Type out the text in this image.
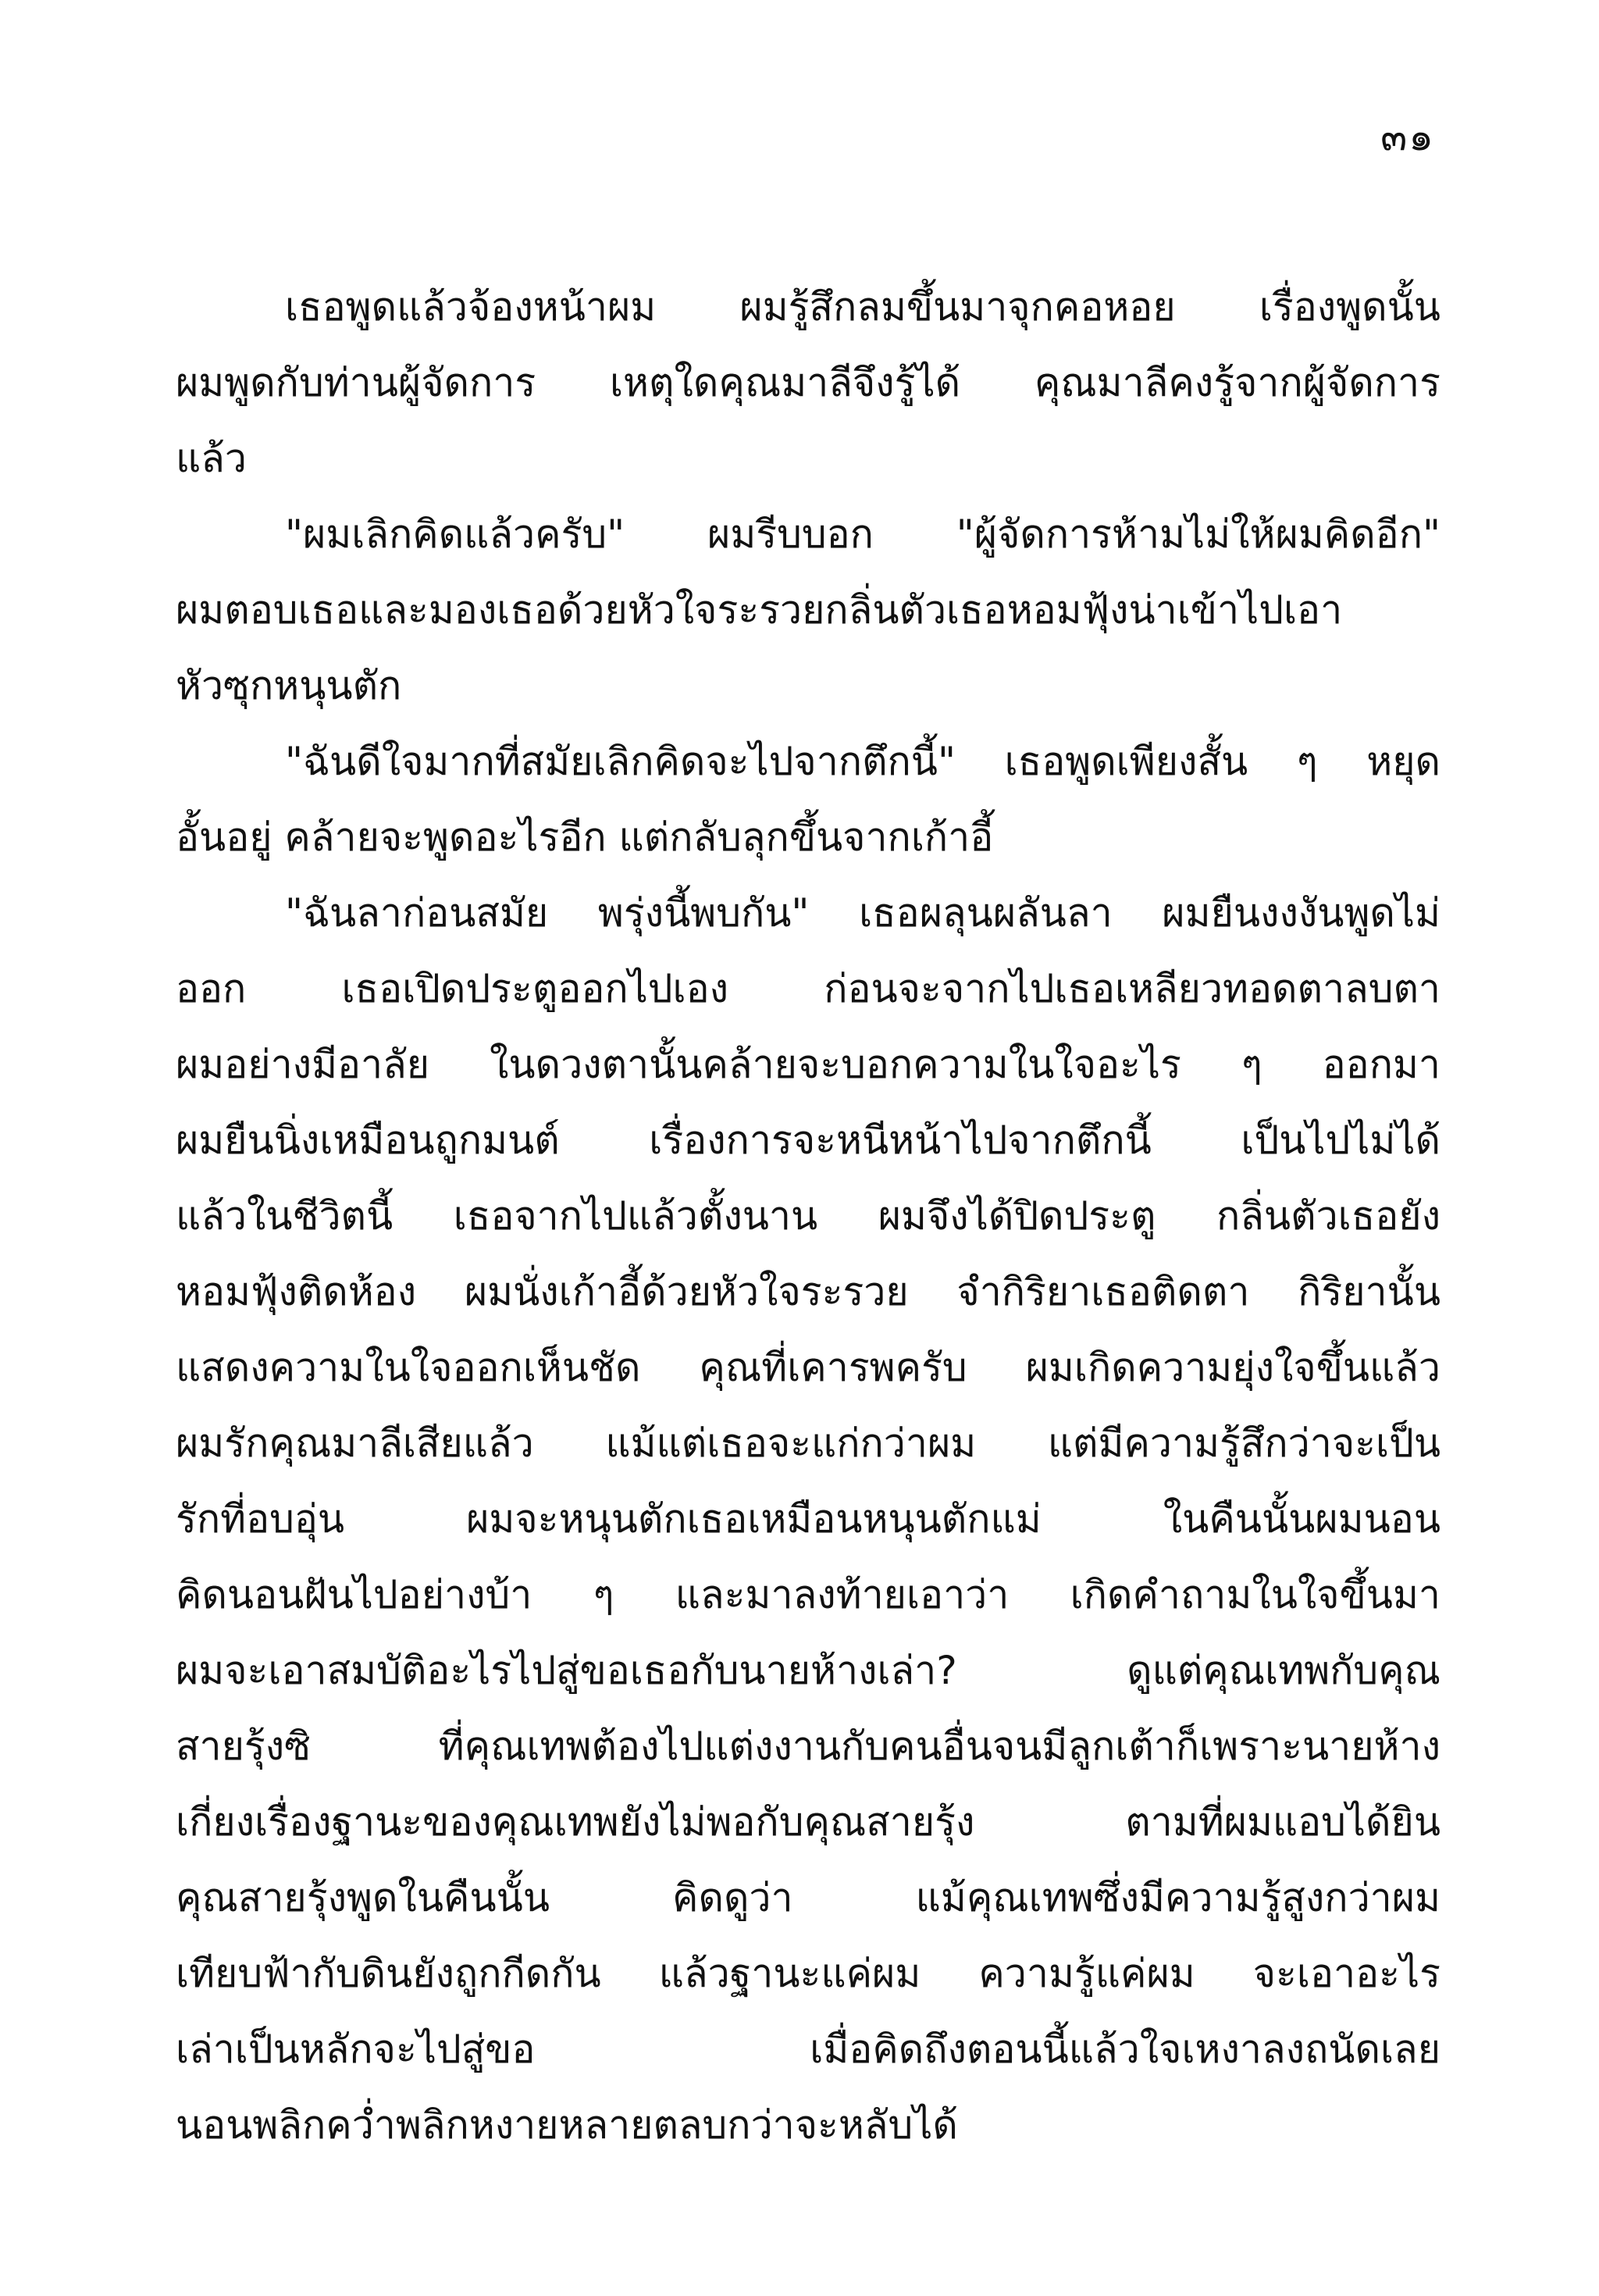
๓๑
เธอพูดแล้วจ้องหน้าผม ผมรู้สึกลมขึ้นมาจุกคอหอย เรื่องพูดนั้น
ผมพูดกับท่านผู้จัดการ เหตุใดคุณมาลีจึงรู้ได้ คุณมาลีคงรู้จากผู้จัดการ
แล้ว
"ผมเลิกคิดแล้วครับ" ผมรีบบอก "ผู้จัดการห้ามไม่ให้ผมคิดอีก"
ผมตอบเธอและมองเธอด้วยหัวใจระรวยกลิ่นตัวเธอหอมฟุ้งน่าเข้าไปเอา
หัวซุกหนุนตัก
"ฉันดีใจมากที่สมัยเลิกคิดจะไปจากตึกนี้" เธอพูดเพียงสั้น ๆ หยุด
อั้นอยู่ คล้ายจะพูดอะไรอีก แต่กลับลุกขึ้นจากเก้าอี้
"ฉันลาก่อนสมัย พรุ่งนี้พบกัน" เธอผลุนผลันลา ผมยืนงงงันพูดไม่
ออก เธอเปิดประตูออกไปเอง ก่อนจะจากไปเธอเหลียวทอดตาลบตา
ผมอย่างมีอาลัย ในดวงตานั้นคล้ายจะบอกความในใจอะไร ๆ ออกมา
ผมยืนนิ่งเหมือนถูกมนต์ เรื่องการจะหนีหน้าไปจากตึกนี้ เป็นไปไม่ได้
แล้วในชีวิตนี้ เธอจากไปแล้วตั้งนาน ผมจึงได้ปิดประตู กลิ่นตัวเธอยัง
หอมฟุ้งติดห้อง ผมนั่งเก้าอี้ด้วยหัวใจระรวย จำกิริยาเธอติดตา กิริยานั้น
แสดงความในใจออกเห็นชัด คุณที่เคารพครับ ผมเกิดความยุ่งใจขึ้นแล้ว
ผมรักคุณมาลีเสียแล้ว แม้แต่เธอจะแก่กว่าผม แต่มีความรู้สึกว่าจะเป็น
รักที่อบอุ่น ผมจะหนุนตักเธอเหมือนหนุนตักแม่ ในคืนนั้นผมนอน
คิดนอนฝันไปอย่างบ้า ๆ และมาลงท้ายเอาว่า เกิดคำถามในใจขึ้นมา
ผมจะเอาสมบัติอะไรไปสู่ขอเธอกับนายห้างเล่า? ดูแต่คุณเทพกับคุณ
สายรุ้งซิ ที่คุณเทพต้องไปแต่งงานกับคนอื่นจนมีลูกเต้าก็เพราะนายห้าง
เกี่ยงเรื่องฐานะของคุณเทพยังไม่พอกับคุณสายรุ้ง ตามที่ผมแอบได้ยิน
คุณสายรุ้งพูดในคืนนั้น คิดดูว่า แม้คุณเทพซึ่งมีความรู้สูงกว่าผม
เทียบฟ้ากับดินยังถูกกีดกัน แล้วฐานะแค่ผม ความรู้แค่ผม จะเอาอะไร
เล่าเป็นหลักจะไปสู่ขอ เมื่อคิดถึงตอนนี้แล้วใจเหงาลงถนัดเลย
นอนพลิกคว่ำพลิกหงายหลายตลบกว่าจะหลับได้
